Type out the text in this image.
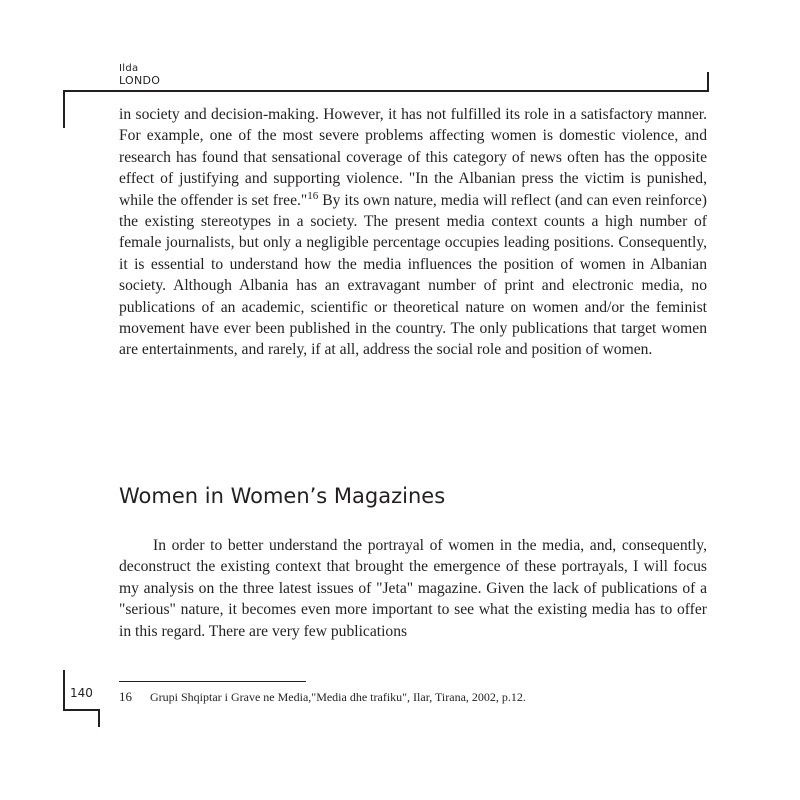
Ilda
LONDO

in society and decision-making. However, it has not fulfilled its role in a satisfactory manner. For example, one of the most severe problems affecting women is domestic violence, and research has found that sensational coverage of this category of news often has the opposite effect of justifying and supporting violence. "In the Albanian press the victim is punished, while the offender is set free."$^{16}$ By its own nature, media will reflect (and can even reinforce) the existing stereotypes in a society. The present media context counts a high number of female journalists, but only a negligible percentage occupies leading positions. Consequently, it is essential to understand how the media influences the position of women in Albanian society. Although Albania has an extravagant number of print and electronic media, no publications of an academic, scientific or theoretical nature on women and/or the feminist movement have ever been published in the country. The only publications that target women are entertainments, and rarely, if at all, address the social role and position of women.

Women in Women’s Magazines

In order to better understand the portrayal of women in the media, and, consequently, deconstruct the existing context that brought the emergence of these portrayals, I will focus my analysis on the three latest issues of "Jeta" magazine. Given the lack of publications of a "serious" nature, it becomes even more important to see what the existing media has to offer in this regard. There are very few publications

16 Grupi Shqiptar i Grave ne Media,"Media dhe trafiku", Ilar, Tirana, 2002, p.12.
140
